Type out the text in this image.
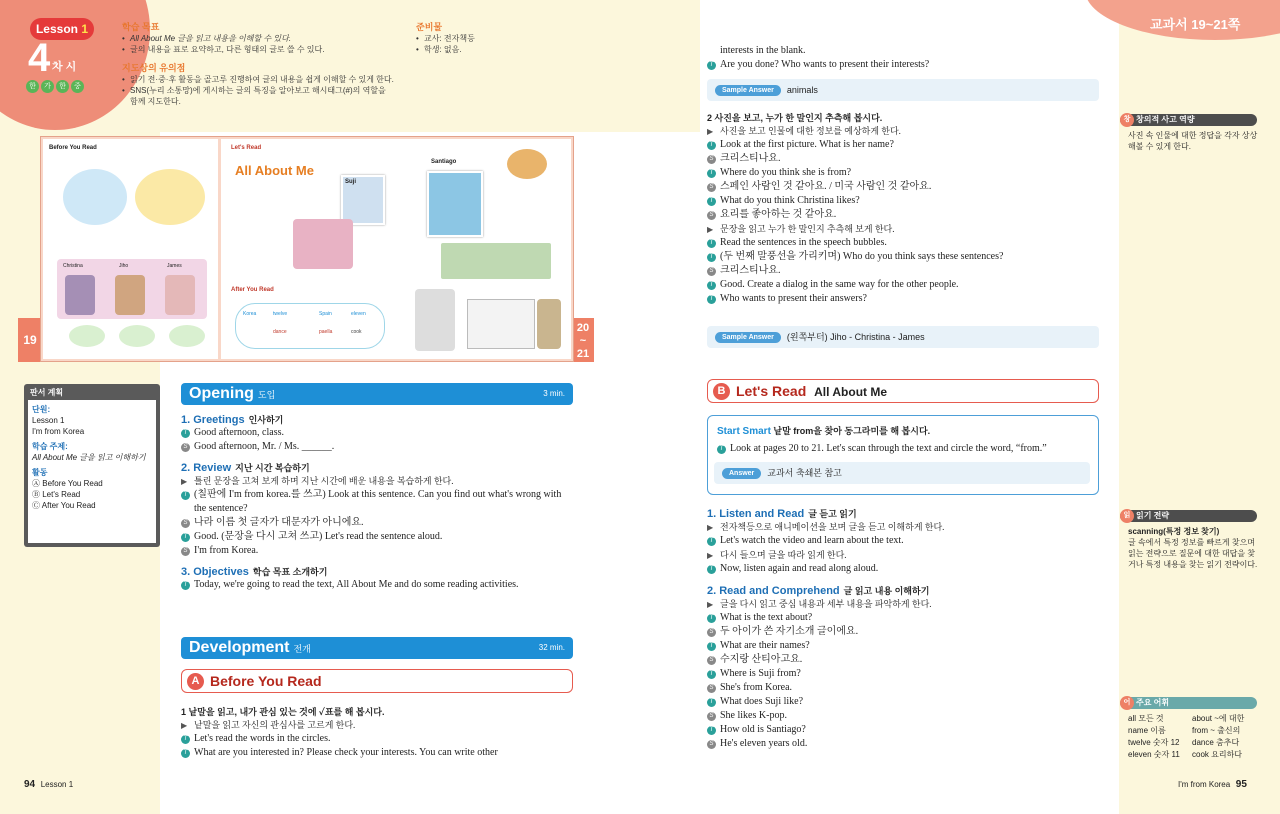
교과서 19~21쪽
Lesson 1
4 차 시
한	가	한	중
학습 목표
• All About Me 글을 읽고 내용을 이해할 수 있다.
• 글의 내용을 표로 요약하고, 다른 형태의 글로 쓸 수 있다.
지도상의 유의점
• 읽기 전·중·후 활동을 골고루 진행하여 글의 내용을 쉽게 이해할 수 있게 한다.
• SNS(누리 소통망)에 게시하는 글의 특징을 알아보고 해시태그(#)의 역할을 함께 지도한다.
준비물
• 교사: 전자책등
• 학생: 없음.
19
20
~
21
Before You Read
Christina	Jiho	James
Let's Read
All About Me
Suji
Santiago
After You Read
Korea	twelve	Spain	eleven
dance	paella	cook
판서 계획
단원:
Lesson 1
I'm from Korea
학습 주제:
All About Me 글을 읽고 이해하기
활동
Ⓐ Before You Read
Ⓑ Let's Read
Ⓒ After You Read
Opening 도입	3 min.
1. Greetings 인사하기
T Good afternoon, class.
S Good afternoon, Mr. / Ms. ______.
2. Review 지난 시간 복습하기
▶ 틀린 문장을 고쳐 보게 하며 지난 시간에 배운 내용을 복습하게 한다.
T (칠판에 I'm from korea.를 쓰고) Look at this sentence. Can you find out what's wrong with the sentence?
S 나라 이름 첫 글자가 대문자가 아니에요.
T Good. (문장을 다시 고쳐 쓰고) Let's read the sentence aloud.
S I'm from Korea.
3. Objectives 학습 목표 소개하기
T Today, we're going to read the text, All About Me and do some reading activities.
Development 전개	32 min.
A Before You Read
1 낱말을 읽고, 내가 관심 있는 것에 ✓표를 해 봅시다.
▶ 낱말을 읽고 자신의 관심사를 고르게 한다.
T Let's read the words in the circles.
T What are you interested in? Please check your interests. You can write other
94 Lesson 1
interests in the blank.
T Are you done? Who wants to present their interests?
Sample Answer animals
2 사진을 보고, 누가 한 말인지 추측해 봅시다.
▶ 사진을 보고 인물에 대한 정보를 예상하게 한다.
T Look at the first picture. What is her name?
S 크리스티나요.
T Where do you think she is from?
S 스페인 사람인 것 같아요. / 미국 사람인 것 같아요.
T What do you think Christina likes?
S 요리를 좋아하는 것 같아요.
▶ 문장을 읽고 누가 한 말인지 추측해 보게 한다.
T Read the sentences in the speech bubbles.
T (두 번째 말풍선을 가리키며) Who do you think says these sentences?
S 크리스티나요.
T Good. Create a dialog in the same way for the other people.
T Who wants to present their answers?
Sample Answer (왼쪽부터) Jiho - Christina - James
B Let's Read All About Me
Start Smart 낱말 from을 찾아 동그라미를 해 봅시다.
T Look at pages 20 to 21. Let's scan through the text and circle the word, “from.”
Answer 교과서 축쇄본 참고
1. Listen and Read 글 듣고 읽기
▶ 전자책등으로 애니메이션을 보며 글을 듣고 이해하게 한다.
T Let's watch the video and learn about the text.
▶ 다시 들으며 글을 따라 읽게 한다.
T Now, listen again and read along aloud.
2. Read and Comprehend 글 읽고 내용 이해하기
▶ 글을 다시 읽고 중심 내용과 세부 내용을 파악하게 한다.
T What is the text about?
S 두 아이가 쓴 자기소개 글이에요.
T What are their names?
S 수지랑 산티아고요.
T Where is Suji from?
S She's from Korea.
T What does Suji like?
S She likes K-pop.
T How old is Santiago?
S He's eleven years old.
창 창의적 사고 역량
사진 속 인물에 대한 정답을 각자 상상해볼 수 있게 한다.
읽 읽기 전략
scanning(특정 정보 찾기)
글 속에서 특정 정보를 빠르게 찾으며 읽는 전략으로 질문에 대한 대답을 찾거나 특정 내용을 찾는 읽기 전략이다.
어 주요 어휘
all 모든 것	about ~에 대한
name 이름	from ~ 출신의
twelve 숫자 12	dance 춤추다
eleven 숫자 11	cook 요리하다
I'm from Korea 95
